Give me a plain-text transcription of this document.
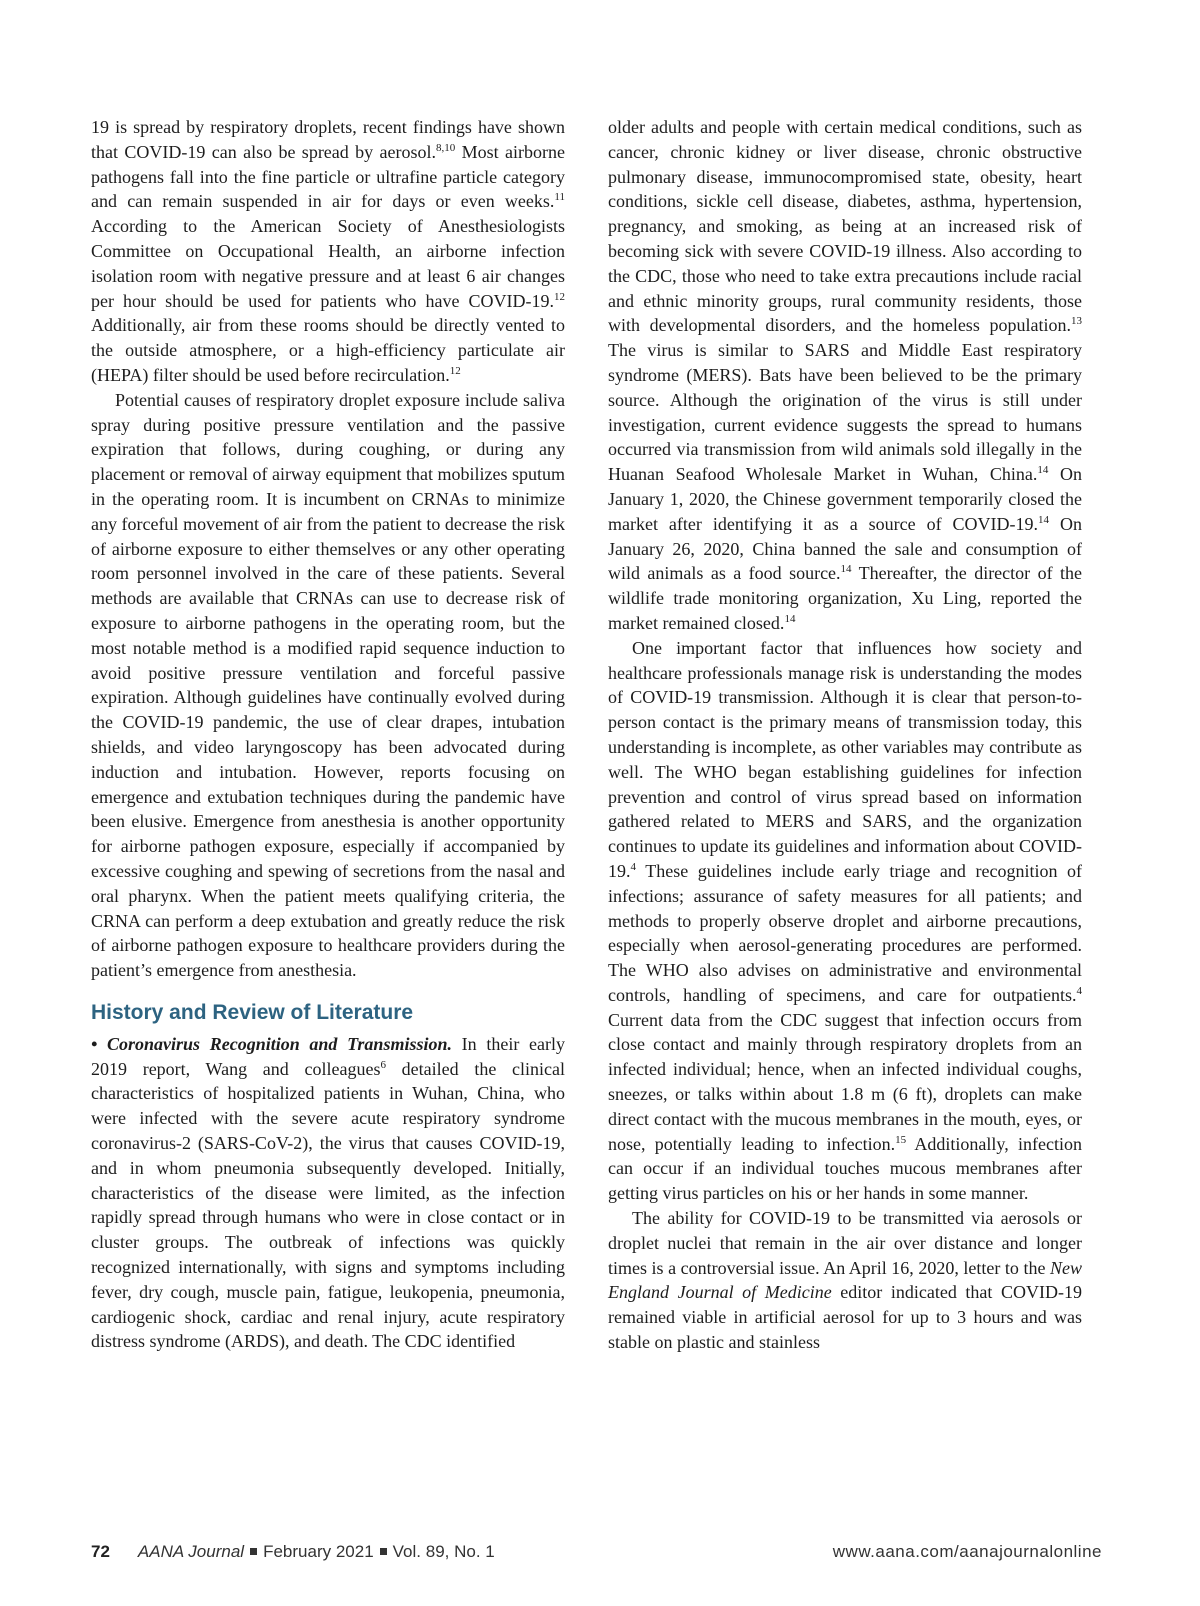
19 is spread by respiratory droplets, recent findings have shown that COVID-19 can also be spread by aerosol.$^{8,10}$ Most airborne pathogens fall into the fine particle or ultrafine particle category and can remain suspended in air for days or even weeks.$^{11}$ According to the American Society of Anesthesiologists Committee on Occupational Health, an airborne infection isolation room with negative pressure and at least 6 air changes per hour should be used for patients who have COVID-19.12 Additionally, air from these rooms should be directly vented to the outside atmosphere, or a high-efficiency particulate air (HEPA) filter should be used before recirculation.$^{12}$

Potential causes of respiratory droplet exposure include saliva spray during positive pressure ventilation and the passive expiration that follows, during coughing, or during any placement or removal of airway equipment that mobilizes sputum in the operating room. It is incumbent on CRNAs to minimize any forceful movement of air from the patient to decrease the risk of airborne exposure to either themselves or any other operating room personnel involved in the care of these patients. Several methods are available that CRNAs can use to decrease risk of exposure to airborne pathogens in the operating room, but the most notable method is a modified rapid sequence induction to avoid positive pressure ventilation and forceful passive expiration. Although guidelines have continually evolved during the COVID-19 pandemic, the use of clear drapes, intubation shields, and video laryngoscopy has been advocated during induction and intubation. However, reports focusing on emergence and extubation techniques during the pandemic have been elusive. Emergence from anesthesia is another opportunity for airborne pathogen exposure, especially if accompanied by excessive coughing and spewing of secretions from the nasal and oral pharynx. When the patient meets qualifying criteria, the CRNA can perform a deep extubation and greatly reduce the risk of airborne pathogen exposure to healthcare providers during the patient’s emergence from anesthesia.

History and Review of Literature

• Coronavirus Recognition and Transmission. In their early 2019 report, Wang and colleagues$^6$ detailed the clinical characteristics of hospitalized patients in Wuhan, China, who were infected with the severe acute respiratory syndrome coronavirus-2 (SARS-CoV-2), the virus that causes COVID-19, and in whom pneumonia subsequently developed. Initially, characteristics of the disease were limited, as the infection rapidly spread through humans who were in close contact or in cluster groups. The outbreak of infections was quickly recognized internationally, with signs and symptoms including fever, dry cough, muscle pain, fatigue, leukopenia, pneumonia, cardiogenic shock, cardiac and renal injury, acute respiratory distress syndrome (ARDS), and death. The CDC identified

older adults and people with certain medical conditions, such as cancer, chronic kidney or liver disease, chronic obstructive pulmonary disease, immunocompromised state, obesity, heart conditions, sickle cell disease, diabetes, asthma, hypertension, pregnancy, and smoking, as being at an increased risk of becoming sick with severe COVID-19 illness. Also according to the CDC, those who need to take extra precautions include racial and ethnic minority groups, rural community residents, those with developmental disorders, and the homeless population.$^{13}$ The virus is similar to SARS and Middle East respiratory syndrome (MERS). Bats have been believed to be the primary source. Although the origination of the virus is still under investigation, current evidence suggests the spread to humans occurred via transmission from wild animals sold illegally in the Huanan Seafood Wholesale Market in Wuhan, China.$^{14}$ On January 1, 2020, the Chinese government temporarily closed the market after identifying it as a source of COVID-19.14 On January 26, 2020, China banned the sale and consumption of wild animals as a food source.$^{14}$ Thereafter, the director of the wildlife trade monitoring organization, Xu Ling, reported the market remained closed.$^{14}$

One important factor that influences how society and healthcare professionals manage risk is understanding the modes of COVID-19 transmission. Although it is clear that person-to-person contact is the primary means of transmission today, this understanding is incomplete, as other variables may contribute as well. The WHO began establishing guidelines for infection prevention and control of virus spread based on information gathered related to MERS and SARS, and the organization continues to update its guidelines and information about COVID-19.$^4$ These guidelines include early triage and recognition of infections; assurance of safety measures for all patients; and methods to properly observe droplet and airborne precautions, especially when aerosol-generating procedures are performed. The WHO also advises on administrative and environmental controls, handling of specimens, and care for outpatients.$^4$ Current data from the CDC suggest that infection occurs from close contact and mainly through respiratory droplets from an infected individual; hence, when an infected individual coughs, sneezes, or talks within about 1.8 m (6 ft), droplets can make direct contact with the mucous membranes in the mouth, eyes, or nose, potentially leading to infection.$^{15}$ Additionally, infection can occur if an individual touches mucous membranes after getting virus particles on his or her hands in some manner.

The ability for COVID-19 to be transmitted via aerosols or droplet nuclei that remain in the air over distance and longer times is a controversial issue. An April 16, 2020, letter to the New England Journal of Medicine editor indicated that COVID-19 remained viable in artificial aerosol for up to 3 hours and was stable on plastic and stainless

72 AANA Journal February 2021 Vol. 89, No. 1	www.aana.com/aanajournalonline
